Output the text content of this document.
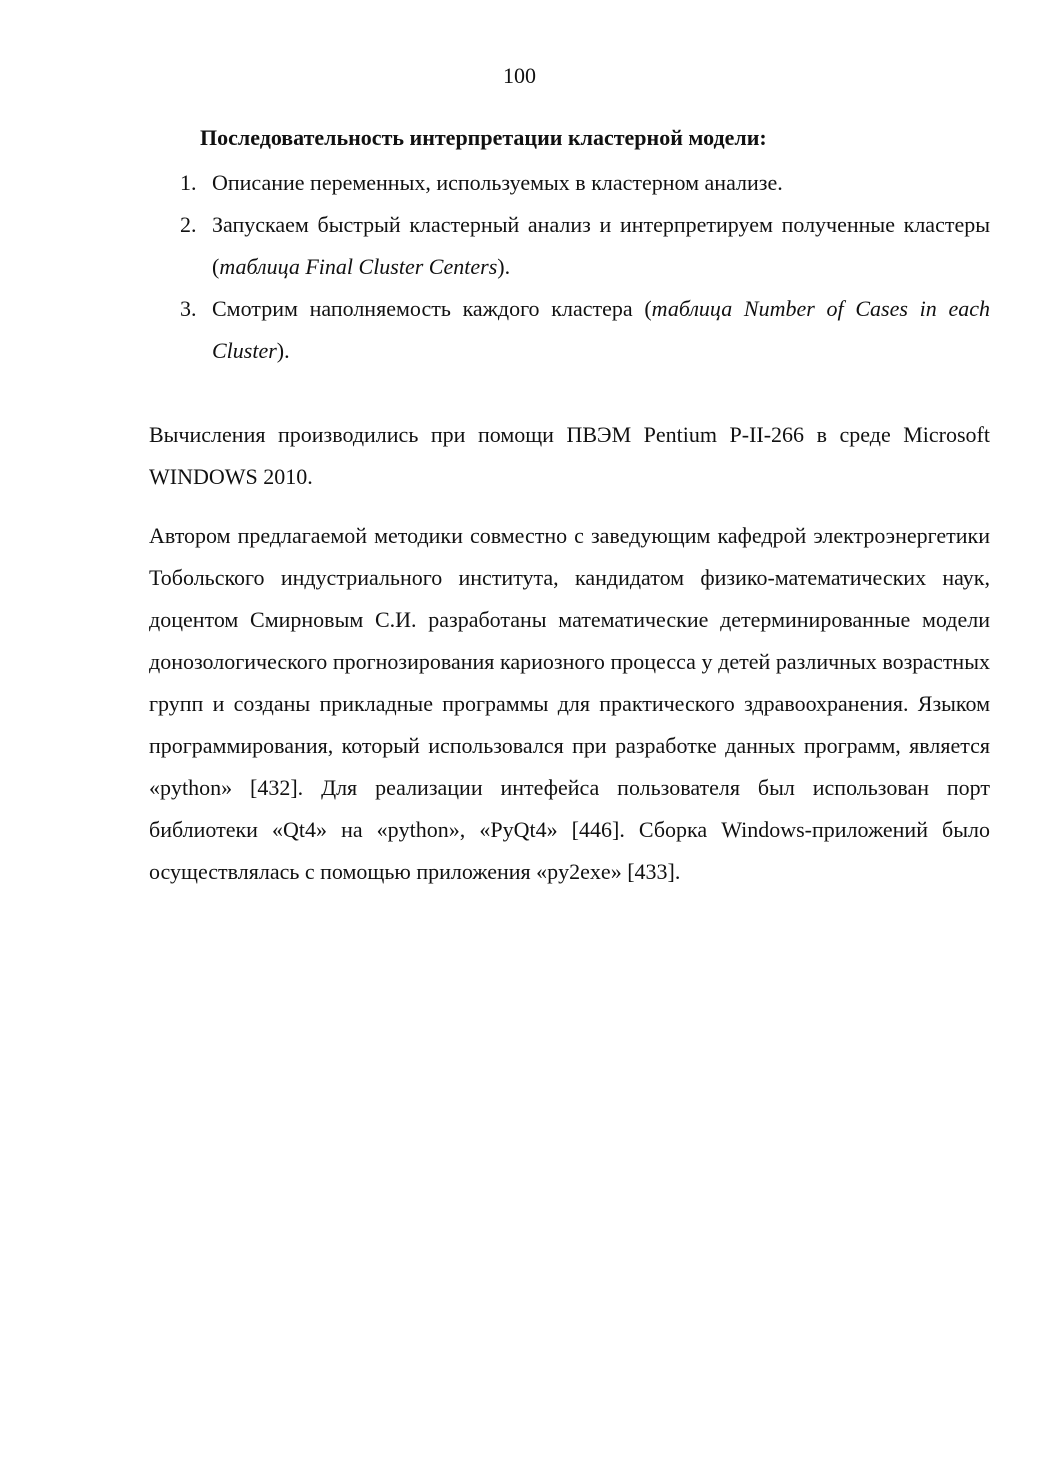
100
Последовательность интерпретации кластерной модели:
1. Описание переменных, используемых в кластерном анализе.
2. Запускаем быстрый кластерный анализ и интерпретируем полученные кластеры (таблица Final Cluster Centers).
3. Смотрим наполняемость каждого кластера (таблица Number of Cases in each Cluster).

Вычисления производились при помощи ПВЭМ Pentium P-II-266 в среде Microsoft WINDOWS 2010.

Автором предлагаемой методики совместно с заведующим кафедрой электроэнергетики Тобольского индустриального института, кандидатом физико-математических наук, доцентом Смирновым С.И. разработаны математические детерминированные модели донозологического прогнозирования кариозного процесса у детей различных возрастных групп и созданы прикладные программы для практического здравоохранения. Языком программирования, который использовался при разработке данных программ, является «python» [432]. Для реализации интефейса пользователя был использован порт библиотеки «Qt4» на «python», «PyQt4» [446]. Сборка Windows-приложений было осуществлялась с помощью приложения «py2exe» [433].
